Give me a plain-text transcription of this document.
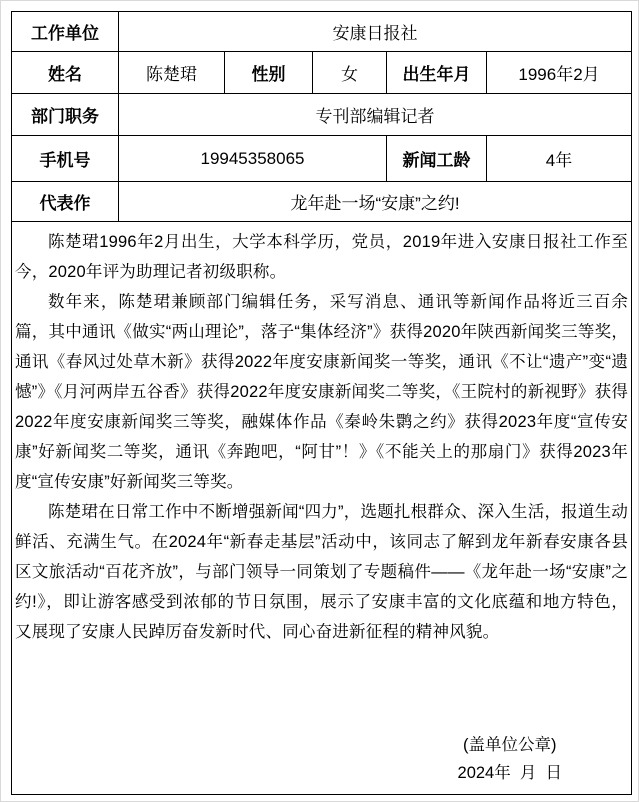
工作单位	安康日报社				
姓名	陈楚珺	性别	女	出生年月	1996年2月
部门职务	专刊部编辑记者				
手机号	19945358065			新闻工龄	4年
代表作	龙年赴一场“安康”之约!				

陈楚珺1996年2月出生，大学本科学历，党员，2019年进入安康日报社工作至今，2020年评为助理记者初级职称。

数年来，陈楚珺兼顾部门编辑任务，采写消息、通讯等新闻作品将近三百余篇，其中通讯《做实“两山理论”，落子“集体经济”》获得2020年陕西新闻奖三等奖，通讯《春风过处草木新》获得2022年度安康新闻奖一等奖，通讯《不让“遗产”变“遗憾”》《月河两岸五谷香》获得2022年度安康新闻奖二等奖，《王院村的新视野》获得2022年度安康新闻奖三等奖，融媒体作品《秦岭朱鹮之约》获得2023年度“宣传安康”好新闻奖二等奖，通讯《奔跑吧，“阿甘”！》《不能关上的那扇门》获得2023年度“宣传安康”好新闻奖三等奖。

陈楚珺在日常工作中不断增强新闻“四力”，选题扎根群众、深入生活，报道生动鲜活、充满生气。在2024年“新春走基层”活动中，该同志了解到龙年新春安康各县区文旅活动“百花齐放”，与部门领导一同策划了专题稿件——《龙年赴一场“安康”之约!》，即让游客感受到浓郁的节日氛围，展示了安康丰富的文化底蕴和地方特色，又展现了安康人民踔厉奋发新时代、同心奋进新征程的精神风貌。

(盖单位公章)
2024年  月  日					
